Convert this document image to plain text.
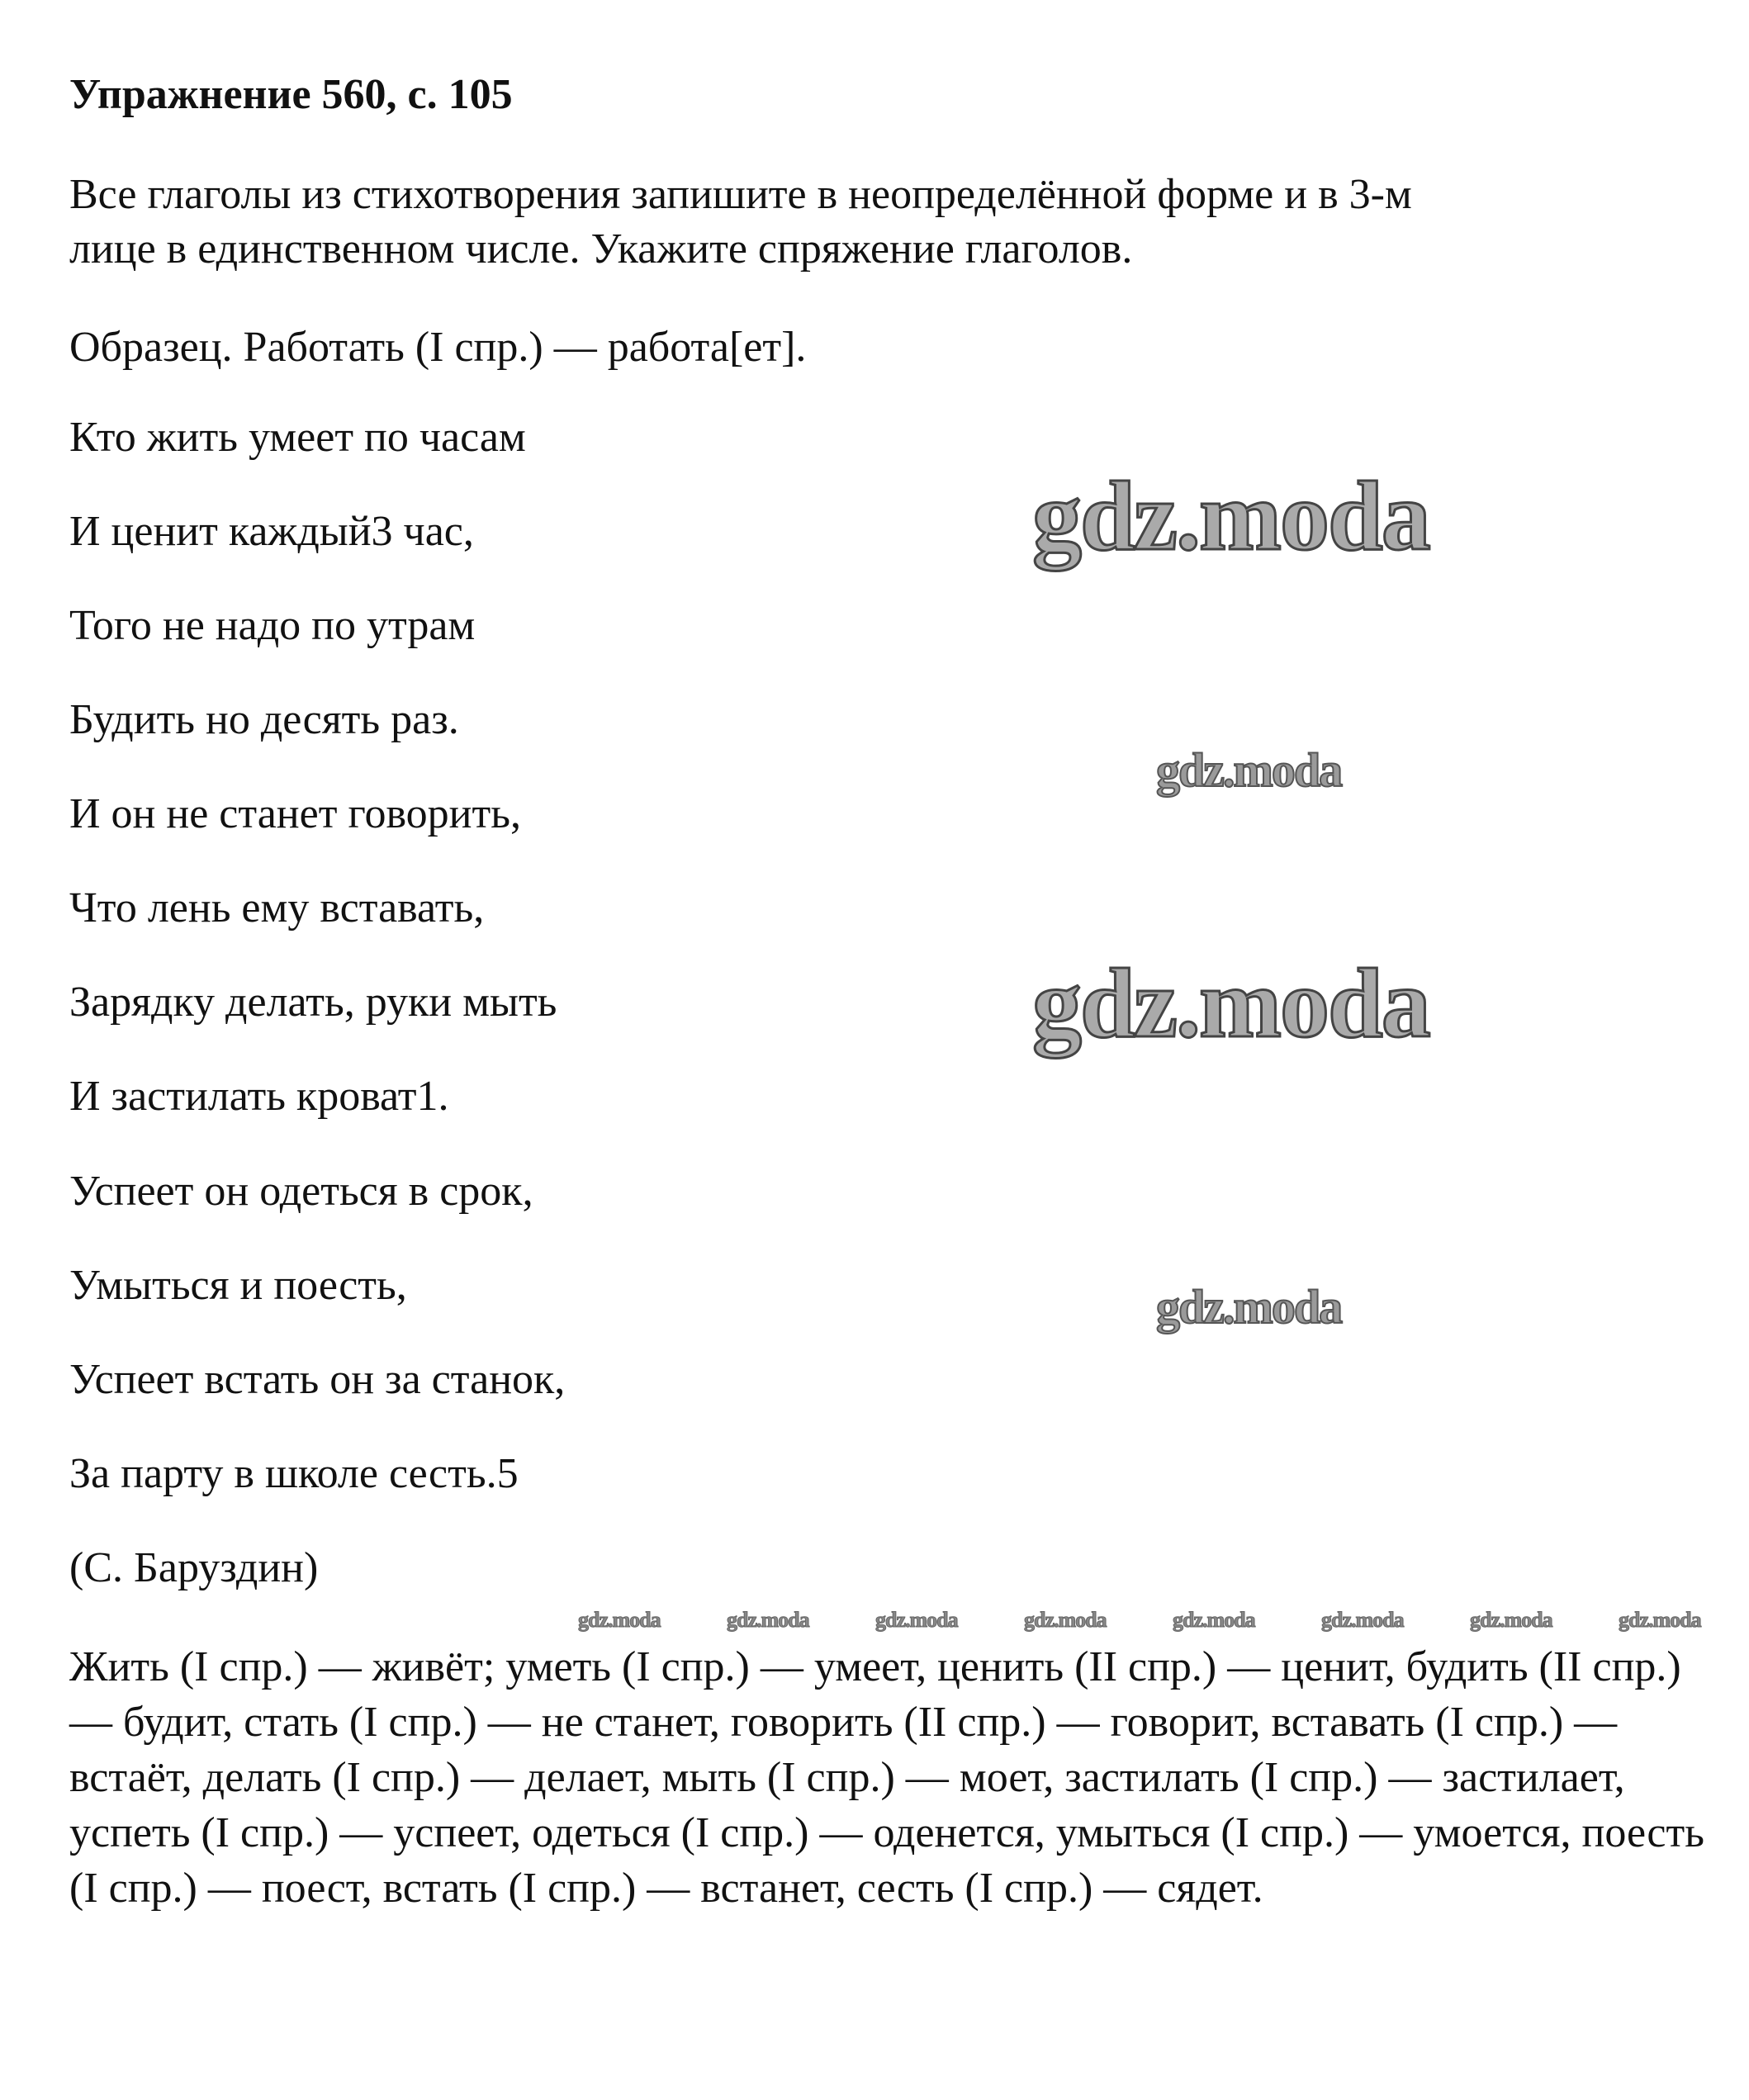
Упражнение 560, с. 105
Все глаголы из стихотворения запишите в неопределённой форме и в 3-м
лице в единственном числе. Укажите спряжение глаголов.
Образец. Работать (I спр.) — работа[ет].
Кто жить умеет по часам
И ценит каждый3 час,
Того не надо по утрам
Будить но десять раз.
И он не станет говорить,
Что лень ему вставать,
Зарядку делать, руки мыть
И застилать кроват1.
Успеет он одеться в срок,
Умыться и поесть,
Успеет встать он за станок,
За парту в школе сесть.5
(С. Баруздин)
Жить (I спр.) — живёт; уметь (I спр.) — умеет, ценить (II спр.) — ценит, будить (II спр.) — будит, стать (I спр.) — не станет, говорить (II спр.) — говорит, вставать (I спр.) — встаёт, делать (I спр.) — делает, мыть (I спр.) — моет, застилать (I спр.) — застилает, успеть (I спр.) — успеет, одеться (I спр.) — оденется, умыться (I спр.) — умоется, поесть (I спр.) — поест, встать (I спр.) — встанет, сесть (I спр.) — сядет.
gdz.moda
gdz.moda
gdz.moda
gdz.moda
gdz.moda	gdz.moda	gdz.moda	gdz.moda	gdz.moda	gdz.moda	gdz.moda	gdz.moda
